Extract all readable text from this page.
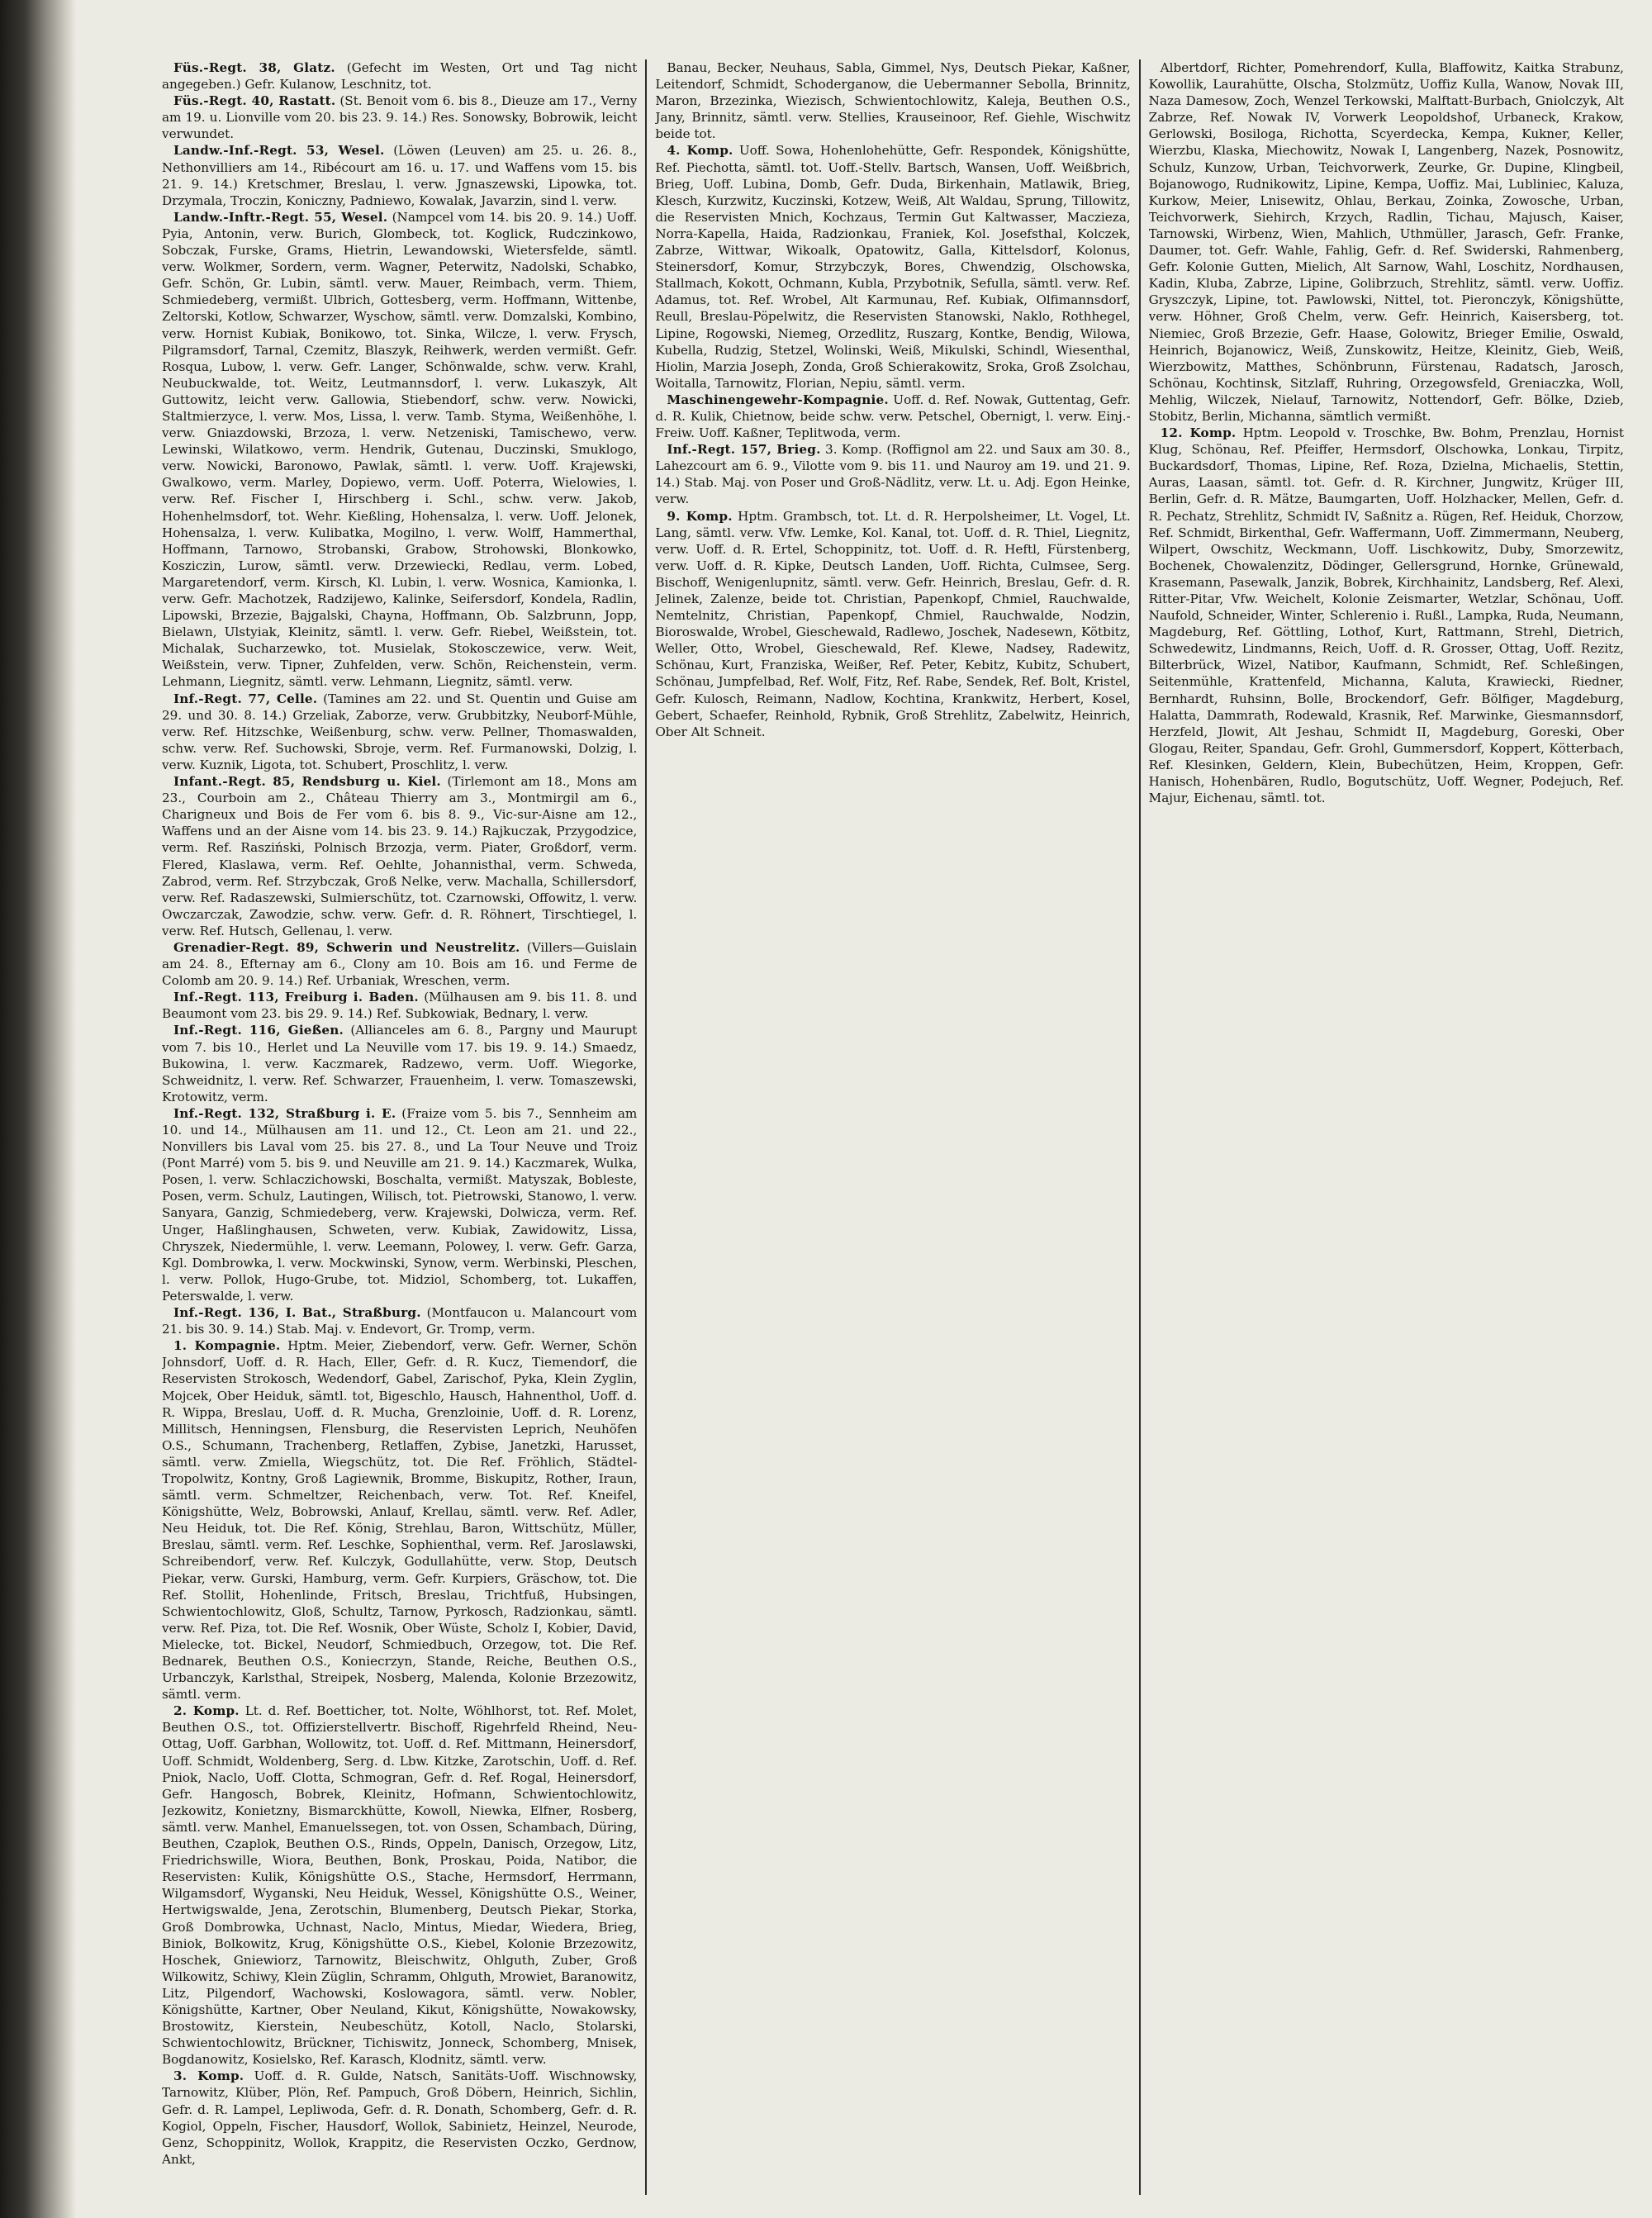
Füs.-Regt. 38, Glatz. (Gefecht im Westen, Ort und Tag nicht angegeben.) Gefr. Kulanow, Leschnitz, tot.

Füs.-Regt. 40, Rastatt. (St. Benoit vom 6. bis 8., Dieuze am 17., Verny am 19. u. Lionville vom 20. bis 23. 9. 14.) Res. Sonowsky, Bobrowik, leicht verwundet.

Landw.-Inf.-Regt. 53, Wesel. (Löwen (Leuven) am 25. u. 26. 8., Nethonvilliers am 14., Ribécourt am 16. u. 17. und Waffens vom 15. bis 21. 9. 14.) Kretschmer, Breslau, l. verw. Jgnaszewski, Lipowka, tot. Drzymala, Troczin, Koniczny, Padniewo, Kowalak, Javarzin, sind l. verw.

Landw.-Inftr.-Regt. 55, Wesel. (Nampcel vom 14. bis 20. 9. 14.) Uoff. Pyia, Antonin, verw. Burich, Glombeck, tot. Koglick, Rudczinkowo, Sobczak, Furske, Grams, Hietrin, Lewandowski, Wietersfelde, sämtl. verw. Wolkmer, Sordern, verm. Wagner, Peterwitz, Nadolski, Schabko, Gefr. Schön, Gr. Lubin, sämtl. verw. Mauer, Reimbach, verm. Thiem, Schmiedeberg, vermißt. Ulbrich, Gottesberg, verm. Hoffmann, Wittenbe, Zeltorski, Kotlow, Schwarzer, Wyschow, sämtl. verw. Domzalski, Kombino, verw. Hornist Kubiak, Bonikowo, tot. Sinka, Wilcze, l. verw. Frysch, Pilgramsdorf, Tarnal, Czemitz, Blaszyk, Reihwerk, werden vermißt. Gefr. Rosqua, Lubow, l. verw. Gefr. Langer, Schönwalde, schw. verw. Krahl, Neubuckwalde, tot. Weitz, Leutmannsdorf, l. verw. Lukaszyk, Alt Guttowitz, leicht verw. Gallowia, Stiebendorf, schw. verw. Nowicki, Staltmierzyce, l. verw. Mos, Lissa, l. verw. Tamb. Styma, Weißenhöhe, l. verw. Gniazdowski, Brzoza, l. verw. Netzeniski, Tamischewo, verw. Lewinski, Wilatkowo, verm. Hendrik, Gutenau, Duczinski, Smuklogo, verw. Nowicki, Baronowo, Pawlak, sämtl. l. verw. Uoff. Krajewski, Gwalkowo, verm. Marley, Dopiewo, verm. Uoff. Poterra, Wielowies, l. verw. Ref. Fischer I, Hirschberg i. Schl., schw. verw. Jakob, Hohenhelmsdorf, tot. Wehr. Kießling, Hohensalza, l. verw. Uoff. Jelonek, Hohensalza, l. verw. Kulibatka, Mogilno, l. verw. Wolff, Hammerthal, Hoffmann, Tarnowo, Strobanski, Grabow, Strohowski, Blonkowko, Kosziczin, Lurow, sämtl. verw. Drzewiecki, Redlau, verm. Lobed, Margaretendorf, verm. Kirsch, Kl. Lubin, l. verw. Wosnica, Kamionka, l. verw. Gefr. Machotzek, Radzijewo, Kalinke, Seifersdorf, Kondela, Radlin, Lipowski, Brzezie, Bajgalski, Chayna, Hoffmann, Ob. Salzbrunn, Jopp, Bielawn, Ulstyiak, Kleinitz, sämtl. l. verw. Gefr. Riebel, Weißstein, tot. Michalak, Sucharzewko, tot. Musielak, Stokosczewice, verw. Weit, Weißstein, verw. Tipner, Zuhfelden, verw. Schön, Reichenstein, verm. Lehmann, Liegnitz, sämtl. verw. Lehmann, Liegnitz, sämtl. verw.

Inf.-Regt. 77, Celle. (Tamines am 22. und St. Quentin und Guise am 29. und 30. 8. 14.) Grzeliak, Zaborze, verw. Grubbitzky, Neuborf-Mühle, verw. Ref. Hitzschke, Weißenburg, schw. verw. Pellner, Thomaswalden, schw. verw. Ref. Suchowski, Sbroje, verm. Ref. Furmanowski, Dolzig, l. verw. Kuznik, Ligota, tot. Schubert, Proschlitz, l. verw.

Infant.-Regt. 85, Rendsburg u. Kiel. (Tirlemont am 18., Mons am 23., Courboin am 2., Château Thierry am 3., Montmirgil am 6., Charigneux und Bois de Fer vom 6. bis 8. 9., Vic-sur-Aisne am 12., Waffens und an der Aisne vom 14. bis 23. 9. 14.) Rajkuczak, Przygodzice, verm. Ref. Rasziński, Polnisch Brzozja, verm. Piater, Großdorf, verm. Flered, Klaslawa, verm. Ref. Oehlte, Johannisthal, verm. Schweda, Zabrod, verm. Ref. Strzybczak, Groß Nelke, verw. Machalla, Schillersdorf, verw. Ref. Radaszewski, Sulmierschütz, tot. Czarnowski, Offowitz, l. verw. Owczarczak, Zawodzie, schw. verw. Gefr. d. R. Röhnert, Tirschtiegel, l. verw. Ref. Hutsch, Gellenau, l. verw.

Grenadier-Regt. 89, Schwerin und Neustrelitz. (Villers—Guislain am 24. 8., Efternay am 6., Clony am 10. Bois am 16. und Ferme de Colomb am 20. 9. 14.) Ref. Urbaniak, Wreschen, verm.

Inf.-Regt. 113, Freiburg i. Baden. (Mülhausen am 9. bis 11. 8. und Beaumont vom 23. bis 29. 9. 14.) Ref. Subkowiak, Bednary, l. verw.

Inf.-Regt. 116, Gießen. (Allianceles am 6. 8., Pargny und Maurupt vom 7. bis 10., Herlet und La Neuville vom 17. bis 19. 9. 14.) Smaedz, Bukowina, l. verw. Kaczmarek, Radzewo, verm. Uoff. Wiegorke, Schweidnitz, l. verw. Ref. Schwarzer, Frauenheim, l. verw. Tomaszewski, Krotowitz, verm.

Inf.-Regt. 132, Straßburg i. E. (Fraize vom 5. bis 7., Sennheim am 10. und 14., Mülhausen am 11. und 12., Ct. Leon am 21. und 22., Nonvillers bis Laval vom 25. bis 27. 8., und La Tour Neuve und Troiz (Pont Marré) vom 5. bis 9. und Neuville am 21. 9. 14.) Kaczmarek, Wulka, Posen, l. verw. Schlaczichowski, Boschalta, vermißt. Matyszak, Bobleste, Posen, verm. Schulz, Lautingen, Wilisch, tot. Pietrowski, Stanowo, l. verw. Sanyara, Ganzig, Schmiedeberg, verw. Krajewski, Dolwicza, verm. Ref. Unger, Haßlinghausen, Schweten, verw. Kubiak, Zawidowitz, Lissa, Chryszek, Niedermühle, l. verw. Leemann, Polowey, l. verw. Gefr. Garza, Kgl. Dombrowka, l. verw. Mockwinski, Synow, verm. Werbinski, Pleschen, l. verw. Pollok, Hugo-Grube, tot. Midziol, Schomberg, tot. Lukaffen, Peterswalde, l. verw.

Inf.-Regt. 136, I. Bat., Straßburg. (Montfaucon u. Malancourt vom 21. bis 30. 9. 14.) Stab. Maj. v. Endevort, Gr. Tromp, verm.

1. Kompagnie. Hptm. Meier, Ziebendorf, verw. Gefr. Werner, Schön Johnsdorf, Uoff. d. R. Hach, Eller, Gefr. d. R. Kucz, Tiemendorf, die Reservisten Strokosch, Wedendorf, Gabel, Zarischof, Pyka, Klein Zyglin, Mojcek, Ober Heiduk, sämtl. tot, Bigeschlo, Hausch, Hahnenthol, Uoff. d. R. Wippa, Breslau, Uoff. d. R. Mucha, Grenzloinie, Uoff. d. R. Lorenz, Millitsch, Henningsen, Flensburg, die Reservisten Leprich, Neuhöfen O.S., Schumann, Trachenberg, Retlaffen, Zybise, Janetzki, Harusset, sämtl. verw. Zmiella, Wiegschütz, tot. Die Ref. Fröhlich, Städtel-Tropolwitz, Kontny, Groß Lagiewnik, Bromme, Biskupitz, Rother, Iraun, sämtl. verm. Schmeltzer, Reichenbach, verw. Tot. Ref. Kneifel, Königshütte, Welz, Bobrowski, Anlauf, Krellau, sämtl. verw. Ref. Adler, Neu Heiduk, tot. Die Ref. König, Strehlau, Baron, Wittschütz, Müller, Breslau, sämtl. verm. Ref. Leschke, Sophienthal, verm. Ref. Jaroslawski, Schreibendorf, verw. Ref. Kulczyk, Godullahütte, verw. Stop, Deutsch Piekar, verw. Gurski, Hamburg, verm. Gefr. Kurpiers, Gräschow, tot. Die Ref. Stollit, Hohenlinde, Fritsch, Breslau, Trichtfuß, Hubsingen, Schwientochlowitz, Gloß, Schultz, Tarnow, Pyrkosch, Radzionkau, sämtl. verw. Ref. Piza, tot. Die Ref. Wosnik, Ober Wüste, Scholz I, Kobier, David, Mielecke, tot. Bickel, Neudorf, Schmiedbuch, Orzegow, tot. Die Ref. Bednarek, Beuthen O.S., Koniecrzyn, Stande, Reiche, Beuthen O.S., Urbanczyk, Karlsthal, Streipek, Nosberg, Malenda, Kolonie Brzezowitz, sämtl. verm.

2. Komp. Lt. d. Ref. Boetticher, tot. Nolte, Wöhlhorst, tot. Ref. Molet, Beuthen O.S., tot. Offizierstellvertr. Bischoff, Rigehrfeld Rheind, Neu-Ottag, Uoff. Garbhan, Wollowitz, tot. Uoff. d. Ref. Mittmann, Heinersdorf, Uoff. Schmidt, Woldenberg, Serg. d. Lbw. Kitzke, Zarotschin, Uoff. d. Ref. Pniok, Naclo, Uoff. Clotta, Schmogran, Gefr. d. Ref. Rogal, Heinersdorf, Gefr. Hangosch, Bobrek, Kleinitz, Hofmann, Schwientochlowitz, Jezkowitz, Konietzny, Bismarckhütte, Kowoll, Niewka, Elfner, Rosberg, sämtl. verw. Manhel, Emanuelssegen, tot. von Ossen, Schambach, Düring, Beuthen, Czaplok, Beuthen O.S., Rinds, Oppeln, Danisch, Orzegow, Litz, Friedrichswille, Wiora, Beuthen, Bonk, Proskau, Poida, Natibor, die Reservisten: Kulik, Königshütte O.S., Stache, Hermsdorf, Herrmann, Wilgamsdorf, Wyganski, Neu Heiduk, Wessel, Königshütte O.S., Weiner, Hertwigswalde, Jena, Zerotschin, Blumenberg, Deutsch Piekar, Storka, Groß Dombrowka, Uchnast, Naclo, Mintus, Miedar, Wiedera, Brieg, Biniok, Bolkowitz, Krug, Königshütte O.S., Kiebel, Kolonie Brzezowitz, Hoschek, Gniewiorz, Tarnowitz, Bleischwitz, Ohlguth, Zuber, Groß Wilkowitz, Schiwy, Klein Züglin, Schramm, Ohlguth, Mrowiet, Baranowitz, Litz, Pilgendorf, Wachowski, Koslowagora, sämtl. verw. Nobler, Königshütte, Kartner, Ober Neuland, Kikut, Königshütte, Nowakowsky, Brostowitz, Kierstein, Neubeschütz, Kotoll, Naclo, Stolarski, Schwientochlowitz, Brückner, Tichiswitz, Jonneck, Schomberg, Mnisek, Bogdanowitz, Kosielsko, Ref. Karasch, Klodnitz, sämtl. verw.

3. Komp. Uoff. d. R. Gulde, Natsch, Sanitäts-Uoff. Wischnowsky, Tarnowitz, Klüber, Plön, Ref. Pampuch, Groß Döbern, Heinrich, Sichlin, Gefr. d. R. Lampel, Lepliwoda, Gefr. d. R. Donath, Schomberg, Gefr. d. R. Kogiol, Oppeln, Fischer, Hausdorf, Wollok, Sabinietz, Heinzel, Neurode, Genz, Schoppinitz, Wollok, Krappitz, die Reservisten Oczko, Gerdnow, Ankt,

Banau, Becker, Neuhaus, Sabla, Gimmel, Nys, Deutsch Piekar, Kaßner, Leitendorf, Schmidt, Schoderganow, die Uebermanner Sebolla, Brinnitz, Maron, Brzezinka, Wiezisch, Schwientochlowitz, Kaleja, Beuthen O.S., Jany, Brinnitz, sämtl. verw. Stellies, Krauseinoor, Ref. Giehle, Wischwitz beide tot.

4. Komp. Uoff. Sowa, Hohenlohehütte, Gefr. Respondek, Königshütte, Ref. Piechotta, sämtl. tot. Uoff.-Stellv. Bartsch, Wansen, Uoff. Weißbrich, Brieg, Uoff. Lubina, Domb, Gefr. Duda, Birkenhain, Matlawik, Brieg, Klesch, Kurzwitz, Kuczinski, Kotzew, Weiß, Alt Waldau, Sprung, Tillowitz, die Reservisten Mnich, Kochzaus, Termin Gut Kaltwasser, Maczieza, Norra-Kapella, Haida, Radzionkau, Franiek, Kol. Josefsthal, Kolczek, Zabrze, Wittwar, Wikoalk, Opatowitz, Galla, Kittelsdorf, Kolonus, Steinersdorf, Komur, Strzybczyk, Bores, Chwendzig, Olschowska, Stallmach, Kokott, Ochmann, Kubla, Przybotnik, Sefulla, sämtl. verw. Ref. Adamus, tot. Ref. Wrobel, Alt Karmunau, Ref. Kubiak, Olfimannsdorf, Reull, Breslau-Pöpelwitz, die Reservisten Stanowski, Naklo, Rothhegel, Lipine, Rogowski, Niemeg, Orzedlitz, Ruszarg, Kontke, Bendig, Wilowa, Kubella, Rudzig, Stetzel, Wolinski, Weiß, Mikulski, Schindl, Wiesenthal, Hiolin, Marzia Joseph, Zonda, Groß Schierakowitz, Sroka, Groß Zsolchau, Woitalla, Tarnowitz, Florian, Nepiu, sämtl. verm.

Maschinengewehr-Kompagnie. Uoff. d. Ref. Nowak, Guttentag, Gefr. d. R. Kulik, Chietnow, beide schw. verw. Petschel, Obernigt, l. verw. Einj.-Freiw. Uoff. Kaßner, Teplitwoda, verm.

Inf.-Regt. 157, Brieg. 3. Komp. (Roffignol am 22. und Saux am 30. 8., Lahezcourt am 6. 9., Vilotte vom 9. bis 11. und Nauroy am 19. und 21. 9. 14.) Stab. Maj. von Poser und Groß-Nädlitz, verw. Lt. u. Adj. Egon Heinke, verw.

9. Komp. Hptm. Grambsch, tot. Lt. d. R. Herpolsheimer, Lt. Vogel, Lt. Lang, sämtl. verw. Vfw. Lemke, Kol. Kanal, tot. Uoff. d. R. Thiel, Liegnitz, verw. Uoff. d. R. Ertel, Schoppinitz, tot. Uoff. d. R. Heftl, Fürstenberg, verw. Uoff. d. R. Kipke, Deutsch Landen, Uoff. Richta, Culmsee, Serg. Bischoff, Wenigenlupnitz, sämtl. verw. Gefr. Heinrich, Breslau, Gefr. d. R. Jelinek, Zalenze, beide tot. Christian, Papenkopf, Chmiel, Rauchwalde, Nemtelnitz, Christian, Papenkopf, Chmiel, Rauchwalde, Nodzin, Bioroswalde, Wrobel, Gieschewald, Radlewo, Joschek, Nadesewn, Kötbitz, Weller, Otto, Wrobel, Gieschewald, Ref. Klewe, Nadsey, Radewitz, Schönau, Kurt, Franziska, Weißer, Ref. Peter, Kebitz, Kubitz, Schubert, Schönau, Jumpfelbad, Ref. Wolf, Fitz, Ref. Rabe, Sendek, Ref. Bolt, Kristel, Gefr. Kulosch, Reimann, Nadlow, Kochtina, Krankwitz, Herbert, Kosel, Gebert, Schaefer, Reinhold, Rybnik, Groß Strehlitz, Zabelwitz, Heinrich, Ober Alt Schneit.

Albertdorf, Richter, Pomehrendorf, Kulla, Blaffowitz, Kaitka Strabunz, Kowollik, Laurahütte, Olscha, Stolzmütz, Uoffiz Kulla, Wanow, Novak III, Naza Damesow, Zoch, Wenzel Terkowski, Malftatt-Burbach, Gniolczyk, Alt Zabrze, Ref. Nowak IV, Vorwerk Leopoldshof, Urbaneck, Krakow, Gerlowski, Bosiloga, Richotta, Scyerdecka, Kempa, Kukner, Keller, Wierzbu, Klaska, Miechowitz, Nowak I, Langenberg, Nazek, Posnowitz, Schulz, Kunzow, Urban, Teichvorwerk, Zeurke, Gr. Dupine, Klingbeil, Bojanowogo, Rudnikowitz, Lipine, Kempa, Uoffiz. Mai, Lubliniec, Kaluza, Kurkow, Meier, Lnisewitz, Ohlau, Berkau, Zoinka, Zowosche, Urban, Teichvorwerk, Siehirch, Krzych, Radlin, Tichau, Majusch, Kaiser, Tarnowski, Wirbenz, Wien, Mahlich, Uthmüller, Jarasch, Gefr. Franke, Daumer, tot. Gefr. Wahle, Fahlig, Gefr. d. Ref. Swiderski, Rahmenberg, Gefr. Kolonie Gutten, Mielich, Alt Sarnow, Wahl, Loschitz, Nordhausen, Kadin, Kluba, Zabrze, Lipine, Golibrzuch, Strehlitz, sämtl. verw. Uoffiz. Gryszczyk, Lipine, tot. Pawlowski, Nittel, tot. Pieronczyk, Königshütte, verw. Höhner, Groß Chelm, verw. Gefr. Heinrich, Kaisersberg, tot. Niemiec, Groß Brzezie, Gefr. Haase, Golowitz, Brieger Emilie, Oswald, Heinrich, Bojanowicz, Weiß, Zunskowitz, Heitze, Kleinitz, Gieb, Weiß, Wierzbowitz, Matthes, Schönbrunn, Fürstenau, Radatsch, Jarosch, Schönau, Kochtinsk, Sitzlaff, Ruhring, Orzegowsfeld, Greniaczka, Woll, Mehlig, Wilczek, Nielauf, Tarnowitz, Nottendorf, Gefr. Bölke, Dzieb, Stobitz, Berlin, Michanna, sämtlich vermißt.

12. Komp. Hptm. Leopold v. Troschke, Bw. Bohm, Prenzlau, Hornist Klug, Schönau, Ref. Pfeiffer, Hermsdorf, Olschowka, Lonkau, Tirpitz, Buckardsdorf, Thomas, Lipine, Ref. Roza, Dzielna, Michaelis, Stettin, Auras, Laasan, sämtl. tot. Gefr. d. R. Kirchner, Jungwitz, Krüger III, Berlin, Gefr. d. R. Mätze, Baumgarten, Uoff. Holzhacker, Mellen, Gefr. d. R. Pechatz, Strehlitz, Schmidt IV, Saßnitz a. Rügen, Ref. Heiduk, Chorzow, Ref. Schmidt, Birkenthal, Gefr. Waffermann, Uoff. Zimmermann, Neuberg, Wilpert, Owschitz, Weckmann, Uoff. Lischkowitz, Duby, Smorzewitz, Bochenek, Chowalenzitz, Dödinger, Gellersgrund, Hornke, Grünewald, Krasemann, Pasewalk, Janzik, Bobrek, Kirchhainitz, Landsberg, Ref. Alexi, Ritter-Pitar, Vfw. Weichelt, Kolonie Zeismarter, Wetzlar, Schönau, Uoff. Naufold, Schneider, Winter, Schlerenio i. Rußl., Lampka, Ruda, Neumann, Magdeburg, Ref. Göttling, Lothof, Kurt, Rattmann, Strehl, Dietrich, Schwedewitz, Lindmanns, Reich, Uoff. d. R. Grosser, Ottag, Uoff. Rezitz, Bilterbrück, Wizel, Natibor, Kaufmann, Schmidt, Ref. Schleßingen, Seitenmühle, Krattenfeld, Michanna, Kaluta, Krawiecki, Riedner, Bernhardt, Ruhsinn, Bolle, Brockendorf, Gefr. Bölfiger, Magdeburg, Halatta, Dammrath, Rodewald, Krasnik, Ref. Marwinke, Giesmannsdorf, Herzfeld, Jlowit, Alt Jeshau, Schmidt II, Magdeburg, Goreski, Ober Glogau, Reiter, Spandau, Gefr. Grohl, Gummersdorf, Koppert, Kötterbach, Ref. Klesinken, Geldern, Klein, Bubechützen, Heim, Kroppen, Gefr. Hanisch, Hohenbären, Rudlo, Bogutschütz, Uoff. Wegner, Podejuch, Ref. Majur, Eichenau, sämtl. tot.
